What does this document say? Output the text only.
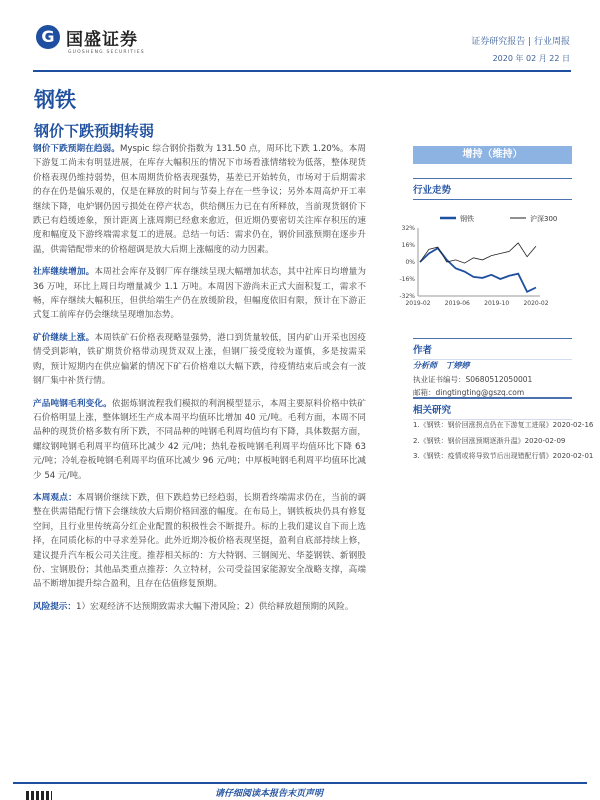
G 国盛证券
GUOSHENG SECURITIES
证券研究报告 | 行业周报
2020 年 02 月 22 日
钢铁
钢价下跌预期转弱

钢价下跌预期在趋弱。Myspic 综合钢价指数为 131.50 点，周环比下跌 1.20%。本周下游复工尚未有明显进展，在库存大幅积压的情况下市场看涨情绪较为低落，整体现货价格表现仍维持弱势，但本周期货价格表现强势，基差已开始转负，市场对于后期需求的存在仍是偏乐观的，仅是在释放的时间与节奏上存在一些争议；另外本周高炉开工率继续下降，电炉钢仍因亏损处在停产状态，供给侧压力已在有所释放，当前现货钢价下跌已有趋缓迹象，预计距离上涨周期已经愈来愈近，但近期仍要密切关注库存积压的速度和幅度及下游终端需求复工的进展。总结一句话：需求仍在，钢价回涨预期在逐步升温，供需错配带来的价格超调是放大后期上涨幅度的动力因素。

社库继续增加。本周社会库存及钢厂库存继续呈现大幅增加状态，其中社库日均增量为 36 万吨，环比上周日均增量减少 1.1 万吨。本周因下游尚未正式大面积复工，需求不畅，库存继续大幅积压，但供给端生产仍在放缓阶段，但幅度依旧有限，预计在下游正式复工前库存仍会继续呈现增加态势。

矿价继续上涨。本周铁矿石价格表现略显强势，港口到货量较低，国内矿山开采也因疫情受到影响，铁矿期货价格带动现货双双上涨，但钢厂接受度较为谨慎，多是按需采购，预计短期内在供应偏紧的情况下矿石价格难以大幅下跌，待疫情结束后或会有一波钢厂集中补货行情。

产品吨钢毛利变化。依据炼钢流程我们模拟的利润模型显示，本周主要原料价格中铁矿石价格明显上涨，整体钢坯生产成本周平均值环比增加 40 元/吨。毛利方面，本周不同品种的现货价格多数有所下跌，不同品种的吨钢毛利周均值均有下降，具体数据方面，螺纹钢吨钢毛利周平均值环比减少 42 元/吨；热轧卷板吨钢毛利周平均值环比下降 63 元/吨；冷轧卷板吨钢毛利周平均值环比减少 96 元/吨；中厚板吨钢毛利周平均值环比减少 54 元/吨。

本周观点：本周钢价继续下跌，但下跌趋势已经趋弱，长期看终端需求仍在，当前的调整在供需错配行情下会继续放大后期价格回涨的幅度。在布局上，钢铁板块仍具有修复空间，且行业里传统高分红企业配置的积极性会不断提升。标的上我们建议自下而上选择，在同质化标的中寻求差异化。此外近期冷板价格表现坚挺，盈利自底部持续上修，建议提升汽车板公司关注度。推荐相关标的：方大特钢、三钢闽光、华菱钢铁、新钢股份、宝钢股份；其他品类重点推荐：久立特材，公司受益国家能源安全战略支撑，高端品不断增加提升综合盈利，且存在估值修复预期。

风险提示：1）宏观经济不达预期致需求大幅下滑风险；2）供给释放超预期的风险。

增持（维持）
行业走势
钢铁	沪深300
32%
16%
0%
-16%
-32%
2019-02 2019-06 2019-10 2020-02
作者
分析师 丁婷婷
执业证书编号：S0680512050001
邮箱：dingtingting@gszq.com
相关研究
1.《钢铁：钢价回涨拐点仍在下游复工进展》2020-02-16
2.《钢铁：钢价回涨预期逐渐升温》2020-02-09
3.《钢铁：疫情或将导致节后出现错配行情》2020-02-01
请仔细阅读本报告末页声明
